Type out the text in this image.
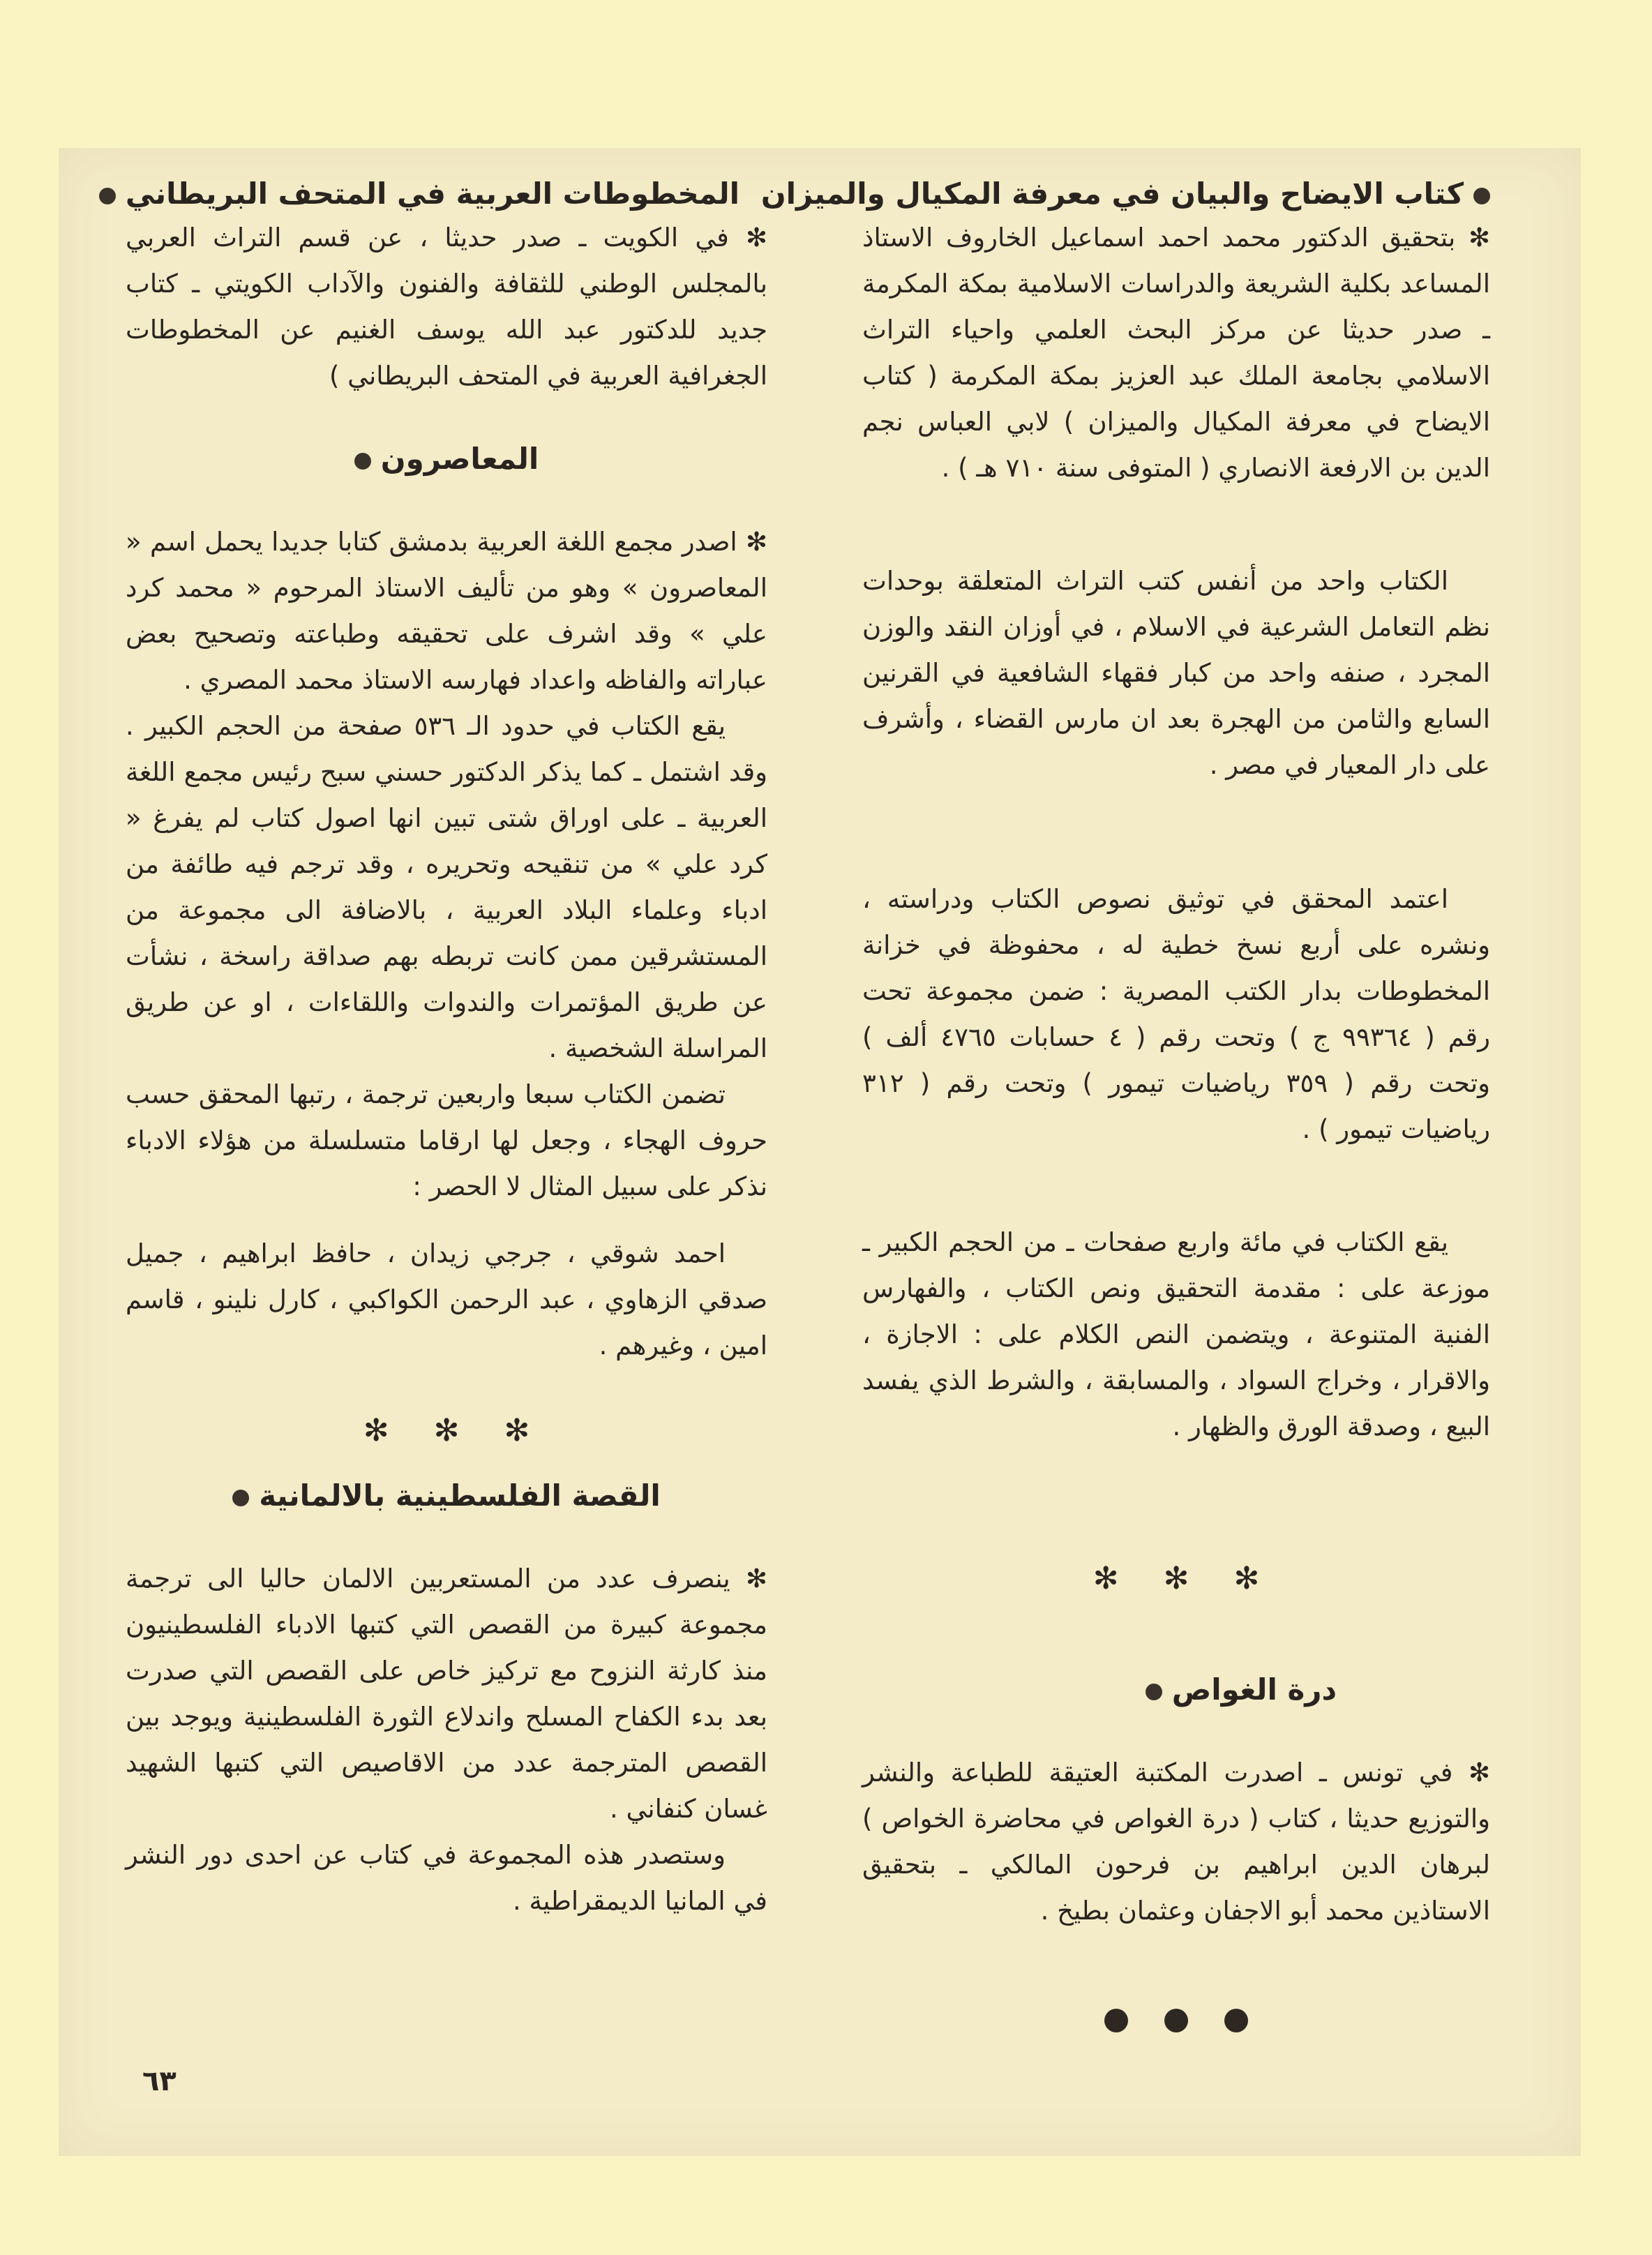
كتاب الايضاح والبيان في معرفة المكيال والميزان

✻ بتحقيق الدكتور محمد احمد اسماعيل الخاروف الاستاذ المساعد بكلية الشريعة والدراسات الاسلامية بمكة المكرمة ـ صدر حديثا عن مركز البحث العلمي واحياء التراث الاسلامي بجامعة الملك عبد العزيز بمكة المكرمة ( كتاب الايضاح في معرفة المكيال والميزان ) لابي العباس نجم الدين بن الارفعة الانصاري ( المتوفى سنة ٧١٠ هـ ) .

الكتاب واحد من أنفس كتب التراث المتعلقة بوحدات نظم التعامل الشرعية في الاسلام ، في أوزان النقد والوزن المجرد ، صنفه واحد من كبار فقهاء الشافعية في القرنين السابع والثامن من الهجرة بعد ان مارس القضاء ، وأشرف على دار المعيار في مصر .

اعتمد المحقق في توثيق نصوص الكتاب ودراسته ، ونشره على أربع نسخ خطية له ، محفوظة في خزانة المخطوطات بدار الكتب المصرية : ضمن مجموعة تحت رقم ( ٩٩٣٦٤ ج ) وتحت رقم ( ٤ حسابات ٤٧٦٥ ألف ) وتحت رقم ( ٣٥٩ رياضيات تيمور ) وتحت رقم ( ٣١٢ رياضيات تيمور ) .

يقع الكتاب في مائة واربع صفحات ـ من الحجم الكبير ـ موزعة على : مقدمة التحقيق ونص الكتاب ، والفهارس الفنية المتنوعة ، ويتضمن النص الكلام على : الاجازة ، والاقرار ، وخراج السواد ، والمسابقة ، والشرط الذي يفسد البيع ، وصدقة الورق والظهار .

✻✻✻

درة الغواص

✻ في تونس ـ اصدرت المكتبة العتيقة للطباعة والنشر والتوزيع حديثا ، كتاب ( درة الغواص في محاضرة الخواص ) لبرهان الدين ابراهيم بن فرحون المالكي ـ بتحقيق الاستاذين محمد أبو الاجفان وعثمان بطيخ .

المخطوطات العربية في المتحف البريطاني

✻ في الكويت ـ صدر حديثا ، عن قسم التراث العربي بالمجلس الوطني للثقافة والفنون والآداب الكويتي ـ كتاب جديد للدكتور عبد الله يوسف الغنيم عن المخطوطات الجغرافية العربية في المتحف البريطاني )

المعاصرون

✻ اصدر مجمع اللغة العربية بدمشق كتابا جديدا يحمل اسم « المعاصرون » وهو من تأليف الاستاذ المرحوم « محمد كرد علي » وقد اشرف على تحقيقه وطباعته وتصحيح بعض عباراته والفاظه واعداد فهارسه الاستاذ محمد المصري .

يقع الكتاب في حدود الـ ٥٣٦ صفحة من الحجم الكبير . وقد اشتمل ـ كما يذكر الدكتور حسني سبح رئيس مجمع اللغة العربية ـ على اوراق شتى تبين انها اصول كتاب لم يفرغ « كرد علي » من تنقيحه وتحريره ، وقد ترجم فيه طائفة من ادباء وعلماء البلاد العربية ، بالاضافة الى مجموعة من المستشرقين ممن كانت تربطه بهم صداقة راسخة ، نشأت عن طريق المؤتمرات والندوات واللقاءات ، او عن طريق المراسلة الشخصية .

تضمن الكتاب سبعا واربعين ترجمة ، رتبها المحقق حسب حروف الهجاء ، وجعل لها ارقاما متسلسلة من هؤلاء الادباء نذكر على سبيل المثال لا الحصر :

احمد شوقي ، جرجي زيدان ، حافظ ابراهيم ، جميل صدقي الزهاوي ، عبد الرحمن الكواكبي ، كارل نلينو ، قاسم امين ، وغيرهم .

✻✻✻

القصة الفلسطينية بالالمانية

✻ ينصرف عدد من المستعربين الالمان حاليا الى ترجمة مجموعة كبيرة من القصص التي كتبها الادباء الفلسطينيون منذ كارثة النزوح مع تركيز خاص على القصص التي صدرت بعد بدء الكفاح المسلح واندلاع الثورة الفلسطينية ويوجد بين القصص المترجمة عدد من الاقاصيص التي كتبها الشهيد غسان كنفاني .

وستصدر هذه المجموعة في كتاب عن احدى دور النشر في المانيا الديمقراطية .

٦٣
